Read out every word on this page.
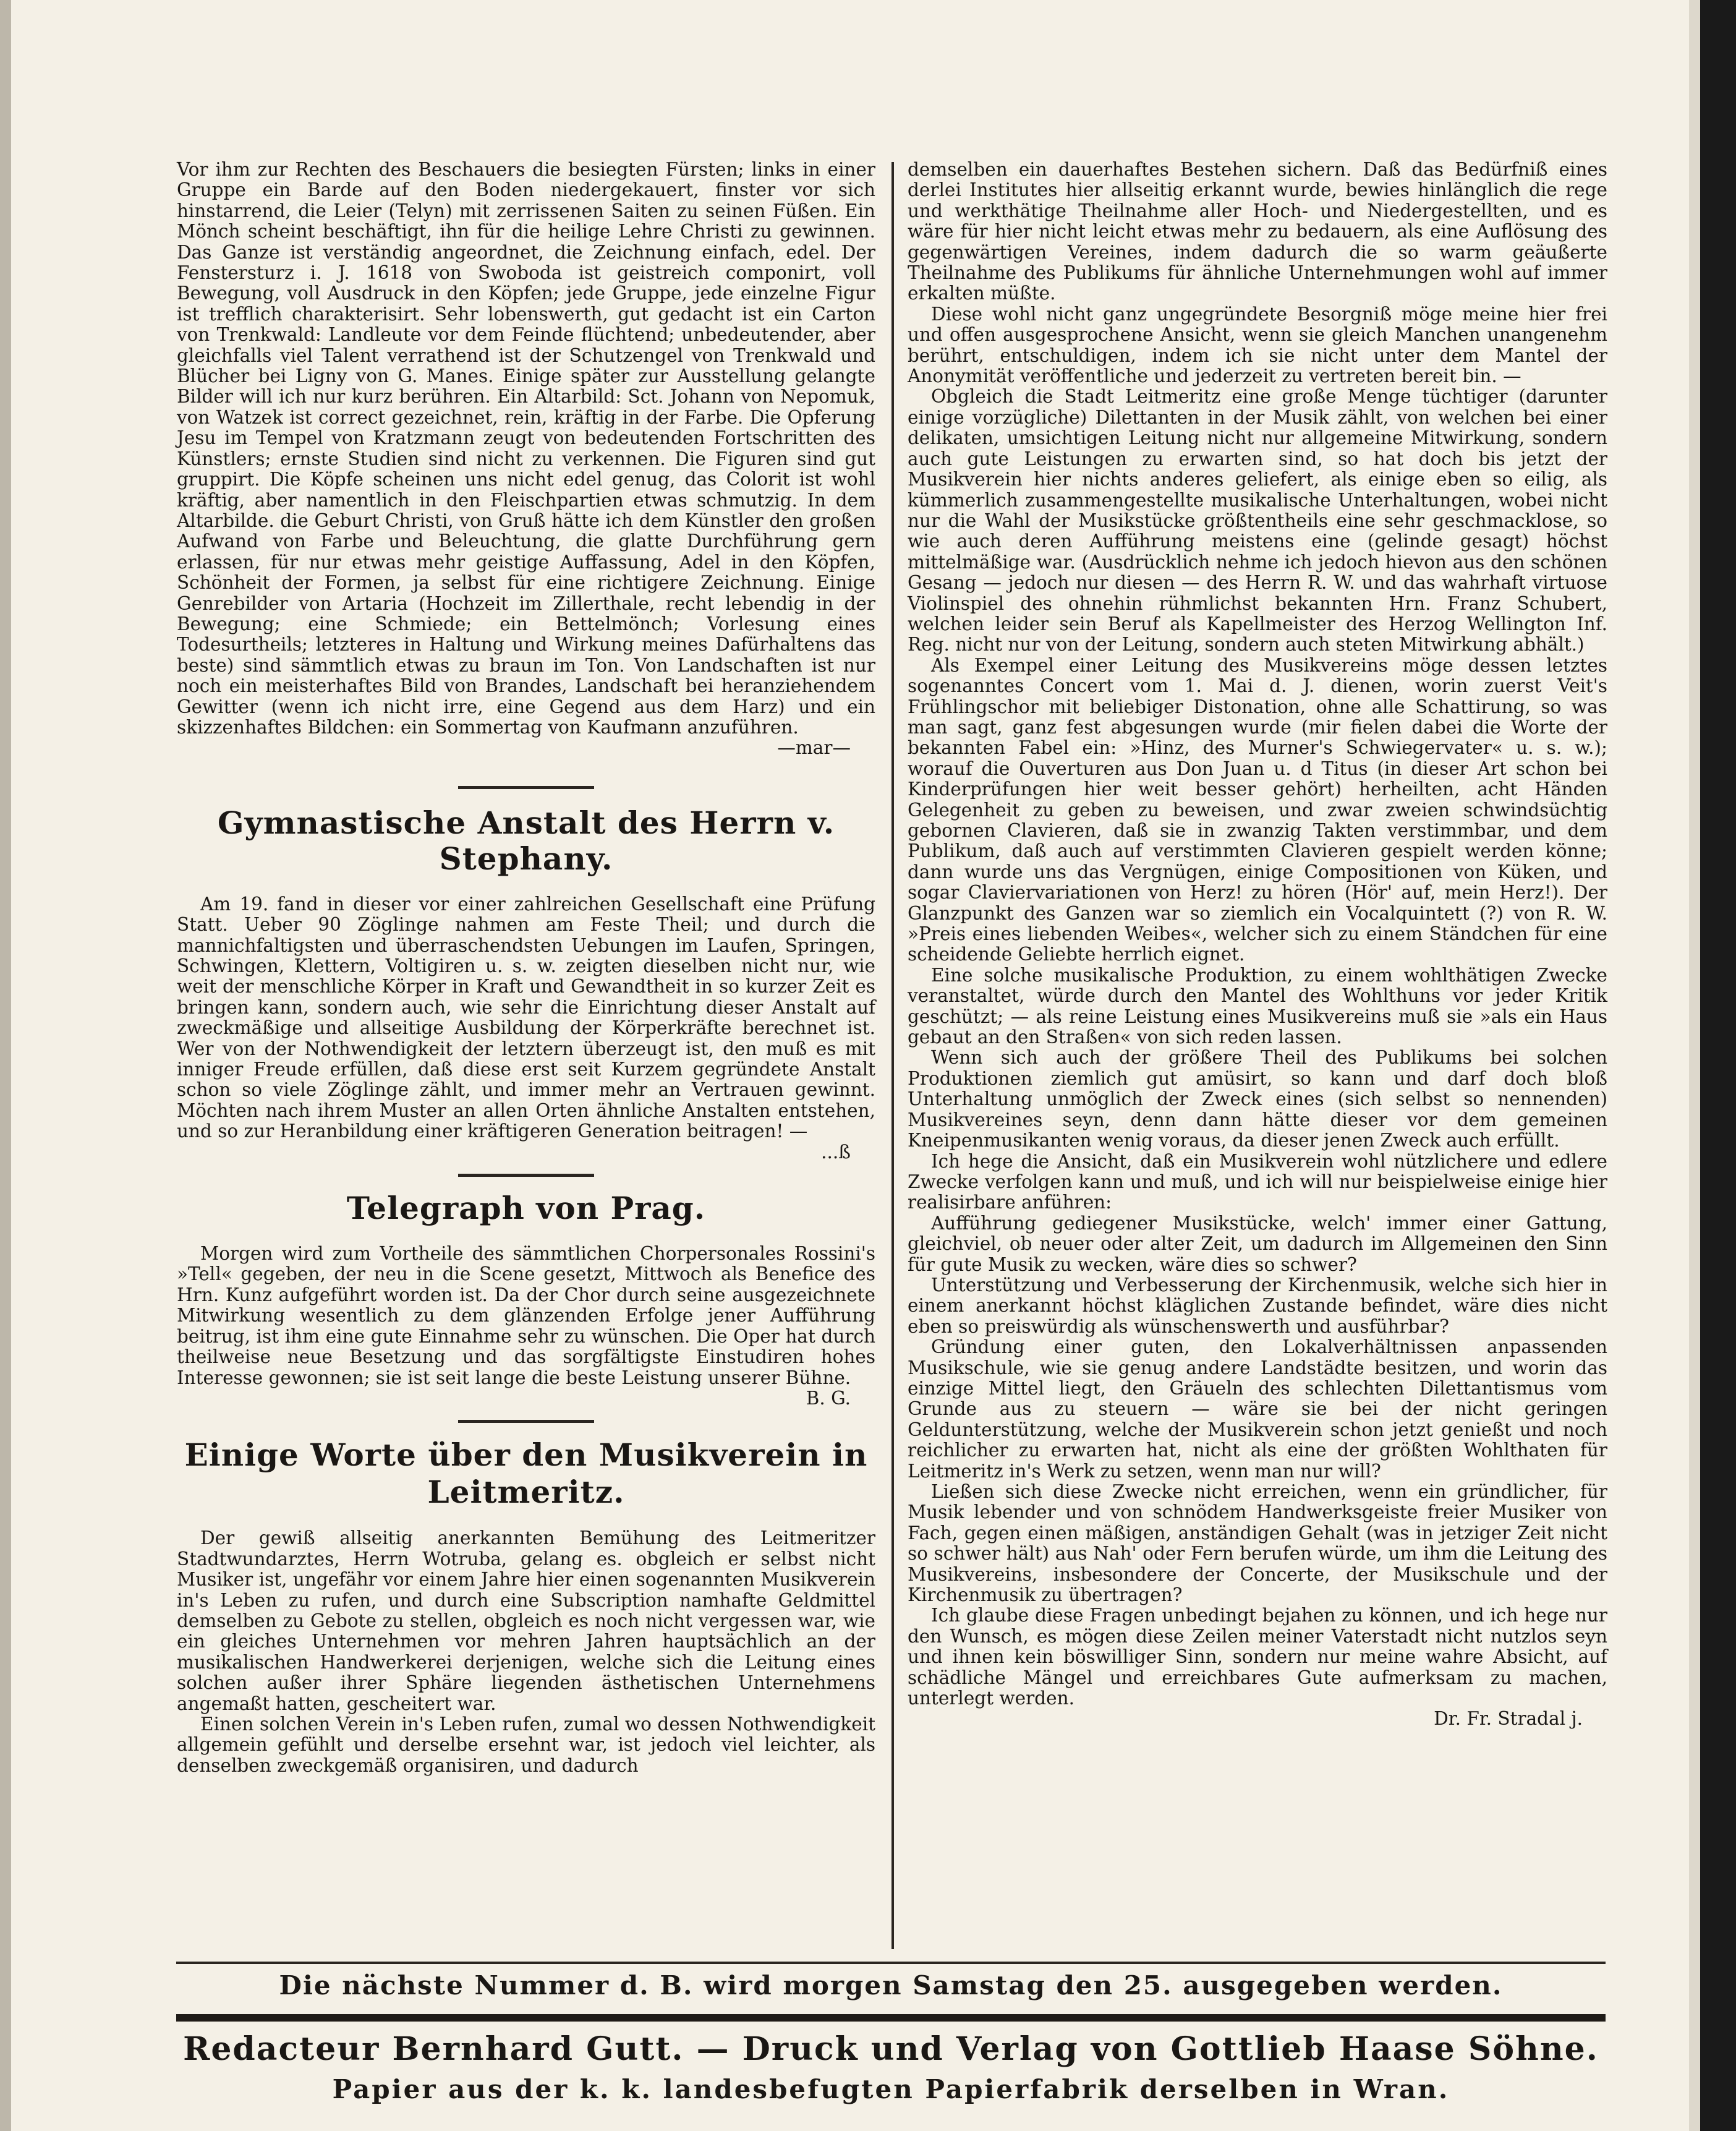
Vor ihm zur Rechten des Beschauers die besiegten Fürsten; links in einer Gruppe ein Barde auf den Boden niedergekauert, finster vor sich hinstarrend, die Leier (Telyn) mit zerrissenen Saiten zu seinen Füßen. Ein Mönch scheint beschäftigt, ihn für die heilige Lehre Christi zu gewinnen. Das Ganze ist verständig angeordnet, die Zeichnung einfach, edel. Der Fenstersturz i. J. 1618 von Swoboda ist geistreich componirt, voll Bewegung, voll Ausdruck in den Köpfen; jede Gruppe, jede einzelne Figur ist trefflich charakterisirt. Sehr lobenswerth, gut gedacht ist ein Carton von Trenkwald: Landleute vor dem Feinde flüchtend; unbedeutender, aber gleichfalls viel Talent verrathend ist der Schutzengel von Trenkwald und Blücher bei Ligny von G. Manes. Einige später zur Ausstellung gelangte Bilder will ich nur kurz berühren. Ein Altarbild: Sct. Johann von Nepomuk, von Watzek ist correct gezeichnet, rein, kräftig in der Farbe. Die Opferung Jesu im Tempel von Kratzmann zeugt von bedeutenden Fortschritten des Künstlers; ernste Studien sind nicht zu verkennen. Die Figuren sind gut gruppirt. Die Köpfe scheinen uns nicht edel genug, das Colorit ist wohl kräftig, aber namentlich in den Fleischpartien etwas schmutzig. In dem Altarbilde. die Geburt Christi, von Gruß hätte ich dem Künstler den großen Aufwand von Farbe und Beleuchtung, die glatte Durchführung gern erlassen, für nur etwas mehr geistige Auffassung, Adel in den Köpfen, Schönheit der Formen, ja selbst für eine richtigere Zeichnung. Einige Genrebilder von Artaria (Hochzeit im Zillerthale, recht lebendig in der Bewegung; eine Schmiede; ein Bettelmönch; Vorlesung eines Todesurtheils; letzteres in Haltung und Wirkung meines Dafürhaltens das beste) sind sämmtlich etwas zu braun im Ton. Von Landschaften ist nur noch ein meisterhaftes Bild von Brandes, Landschaft bei heranziehendem Gewitter (wenn ich nicht irre, eine Gegend aus dem Harz) und ein skizzenhaftes Bildchen: ein Sommertag von Kaufmann anzuführen.

—mar—

Gymnastische Anstalt des Herrn v. Stephany.

Am 19. fand in dieser vor einer zahlreichen Gesellschaft eine Prüfung Statt. Ueber 90 Zöglinge nahmen am Feste Theil; und durch die mannichfaltigsten und überraschendsten Uebungen im Laufen, Springen, Schwingen, Klettern, Voltigiren u. s. w. zeigten dieselben nicht nur, wie weit der menschliche Körper in Kraft und Gewandtheit in so kurzer Zeit es bringen kann, sondern auch, wie sehr die Einrichtung dieser Anstalt auf zweckmäßige und allseitige Ausbildung der Körperkräfte berechnet ist. Wer von der Nothwendigkeit der letztern überzeugt ist, den muß es mit inniger Freude erfüllen, daß diese erst seit Kurzem gegründete Anstalt schon so viele Zöglinge zählt, und immer mehr an Vertrauen gewinnt. Möchten nach ihrem Muster an allen Orten ähnliche Anstalten entstehen, und so zur Heranbildung einer kräftigeren Generation beitragen! —

...ß

Telegraph von Prag.

Morgen wird zum Vortheile des sämmtlichen Chorpersonales Rossini's »Tell« gegeben, der neu in die Scene gesetzt, Mittwoch als Benefice des Hrn. Kunz aufgeführt worden ist. Da der Chor durch seine ausgezeichnete Mitwirkung wesentlich zu dem glänzenden Erfolge jener Aufführung beitrug, ist ihm eine gute Einnahme sehr zu wünschen. Die Oper hat durch theilweise neue Besetzung und das sorgfältigste Einstudiren hohes Interesse gewonnen; sie ist seit lange die beste Leistung unserer Bühne.

B. G.

Einige Worte über den Musikverein in
Leitmeritz.

Der gewiß allseitig anerkannten Bemühung des Leitmeritzer Stadtwundarztes, Herrn Wotruba, gelang es. obgleich er selbst nicht Musiker ist, ungefähr vor einem Jahre hier einen sogenannten Musikverein in's Leben zu rufen, und durch eine Subscription namhafte Geldmittel demselben zu Gebote zu stellen, obgleich es noch nicht vergessen war, wie ein gleiches Unternehmen vor mehren Jahren hauptsächlich an der musikalischen Handwerkerei derjenigen, welche sich die Leitung eines solchen außer ihrer Sphäre liegenden ästhetischen Unternehmens angemaßt hatten, gescheitert war.

Einen solchen Verein in's Leben rufen, zumal wo dessen Nothwendigkeit allgemein gefühlt und derselbe ersehnt war, ist jedoch viel leichter, als denselben zweckgemäß organisiren, und dadurch

demselben ein dauerhaftes Bestehen sichern. Daß das Bedürfniß eines derlei Institutes hier allseitig erkannt wurde, bewies hinlänglich die rege und werkthätige Theilnahme aller Hoch- und Niedergestellten, und es wäre für hier nicht leicht etwas mehr zu bedauern, als eine Auflösung des gegenwärtigen Vereines, indem dadurch die so warm geäußerte Theilnahme des Publikums für ähnliche Unternehmungen wohl auf immer erkalten müßte.

Diese wohl nicht ganz ungegründete Besorgniß möge meine hier frei und offen ausgesprochene Ansicht, wenn sie gleich Manchen unangenehm berührt, entschuldigen, indem ich sie nicht unter dem Mantel der Anonymität veröffentliche und jederzeit zu vertreten bereit bin. —

Obgleich die Stadt Leitmeritz eine große Menge tüchtiger (darunter einige vorzügliche) Dilettanten in der Musik zählt, von welchen bei einer delikaten, umsichtigen Leitung nicht nur allgemeine Mitwirkung, sondern auch gute Leistungen zu erwarten sind, so hat doch bis jetzt der Musikverein hier nichts anderes geliefert, als einige eben so eilig, als kümmerlich zusammengestellte musikalische Unterhaltungen, wobei nicht nur die Wahl der Musikstücke größtentheils eine sehr geschmacklose, so wie auch deren Aufführung meistens eine (gelinde gesagt) höchst mittelmäßige war. (Ausdrücklich nehme ich jedoch hievon aus den schönen Gesang — jedoch nur diesen — des Herrn R. W. und das wahrhaft virtuose Violinspiel des ohnehin rühmlichst bekannten Hrn. Franz Schubert, welchen leider sein Beruf als Kapellmeister des Herzog Wellington Inf. Reg. nicht nur von der Leitung, sondern auch steten Mitwirkung abhält.)

Als Exempel einer Leitung des Musikvereins möge dessen letztes sogenanntes Concert vom 1. Mai d. J. dienen, worin zuerst Veit's Frühlingschor mit beliebiger Distonation, ohne alle Schattirung, so was man sagt, ganz fest abgesungen wurde (mir fielen dabei die Worte der bekannten Fabel ein: »Hinz, des Murner's Schwiegervater« u. s. w.); worauf die Ouverturen aus Don Juan u. d Titus (in dieser Art schon bei Kinderprüfungen hier weit besser gehört) herheilten, acht Händen Gelegenheit zu geben zu beweisen, und zwar zweien schwindsüchtig gebornen Clavieren, daß sie in zwanzig Takten verstimmbar, und dem Publikum, daß auch auf verstimmten Clavieren gespielt werden könne; dann wurde uns das Vergnügen, einige Compositionen von Küken, und sogar Claviervariationen von Herz! zu hören (Hör' auf, mein Herz!). Der Glanzpunkt des Ganzen war so ziemlich ein Vocalquintett (?) von R. W. »Preis eines liebenden Weibes«, welcher sich zu einem Ständchen für eine scheidende Geliebte herrlich eignet.

Eine solche musikalische Produktion, zu einem wohlthätigen Zwecke veranstaltet, würde durch den Mantel des Wohlthuns vor jeder Kritik geschützt; — als reine Leistung eines Musikvereins muß sie »als ein Haus gebaut an den Straßen« von sich reden lassen.

Wenn sich auch der größere Theil des Publikums bei solchen Produktionen ziemlich gut amüsirt, so kann und darf doch bloß Unterhaltung unmöglich der Zweck eines (sich selbst so nennenden) Musikvereines seyn, denn dann hätte dieser vor dem gemeinen Kneipenmusikanten wenig voraus, da dieser jenen Zweck auch erfüllt.

Ich hege die Ansicht, daß ein Musikverein wohl nützlichere und edlere Zwecke verfolgen kann und muß, und ich will nur beispielweise einige hier realisirbare anführen:

Aufführung gediegener Musikstücke, welch' immer einer Gattung, gleichviel, ob neuer oder alter Zeit, um dadurch im Allgemeinen den Sinn für gute Musik zu wecken, wäre dies so schwer?

Unterstützung und Verbesserung der Kirchenmusik, welche sich hier in einem anerkannt höchst kläglichen Zustande befindet, wäre dies nicht eben so preiswürdig als wünschenswerth und ausführbar?

Gründung einer guten, den Lokalverhältnissen anpassenden Musikschule, wie sie genug andere Landstädte besitzen, und worin das einzige Mittel liegt, den Gräueln des schlechten Dilettantismus vom Grunde aus zu steuern — wäre sie bei der nicht geringen Geldunterstützung, welche der Musikverein schon jetzt genießt und noch reichlicher zu erwarten hat, nicht als eine der größten Wohlthaten für Leitmeritz in's Werk zu setzen, wenn man nur will?

Ließen sich diese Zwecke nicht erreichen, wenn ein gründlicher, für Musik lebender und von schnödem Handwerksgeiste freier Musiker von Fach, gegen einen mäßigen, anständigen Gehalt (was in jetziger Zeit nicht so schwer hält) aus Nah' oder Fern berufen würde, um ihm die Leitung des Musikvereins, insbesondere der Concerte, der Musikschule und der Kirchenmusik zu übertragen?

Ich glaube diese Fragen unbedingt bejahen zu können, und ich hege nur den Wunsch, es mögen diese Zeilen meiner Vaterstadt nicht nutzlos seyn und ihnen kein böswilliger Sinn, sondern nur meine wahre Absicht, auf schädliche Mängel und erreichbares Gute aufmerksam zu machen, unterlegt werden.

Dr. Fr. Stradal j.

Die nächste Nummer d. B. wird morgen Samstag den 25. ausgegeben werden.
Redacteur Bernhard Gutt. — Druck und Verlag von Gottlieb Haase Söhne.
Papier aus der k. k. landesbefugten Papierfabrik derselben in Wran.
